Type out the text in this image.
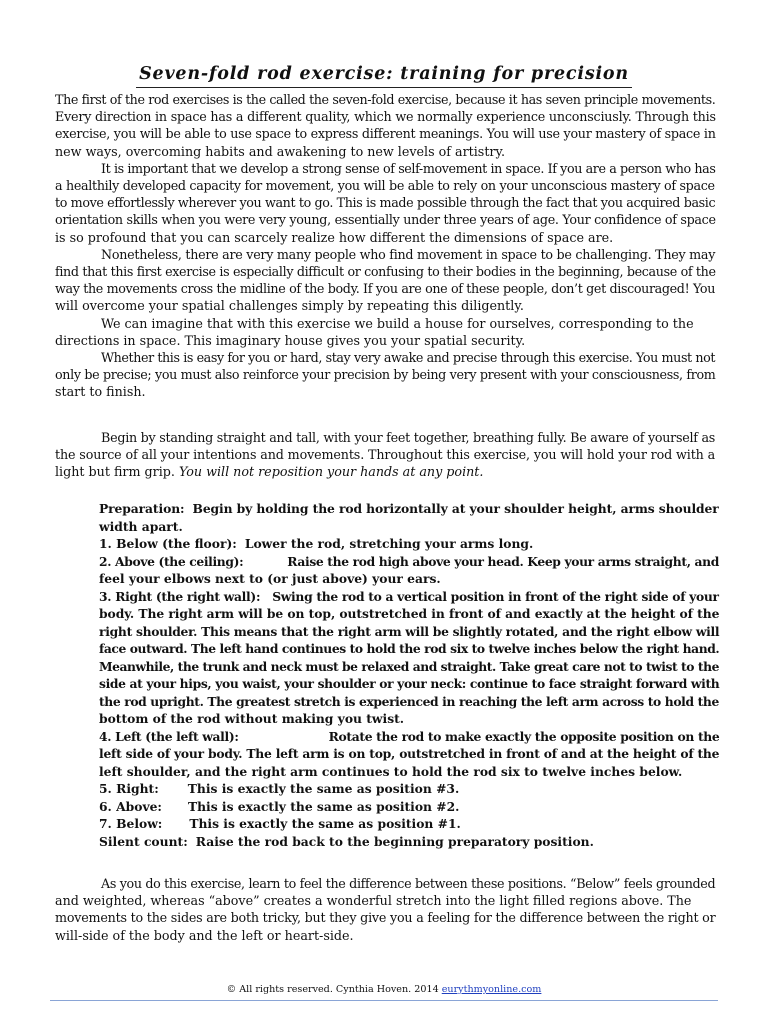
Seven-fold rod exercise: training for precision

The first of the rod exercises is the called the seven-fold exercise, because it has seven principle movements.

Every direction in space has a different quality, which we normally experience unconsciusly. Through this

exercise, you will be able to use space to express different meanings. You will use your mastery of space in

new ways, overcoming habits and awakening to new levels of artistry.

It is important that we develop a strong sense of self-movement in space. If you are a person who has

a healthily developed capacity for movement, you will be able to rely on your unconscious mastery of space

to move effortlessly wherever you want to go. This is made possible through the fact that you acquired basic

orientation skills when you were very young, essentially under three years of age. Your confidence of space

is so profound that you can scarcely realize how different the dimensions of space are.

Nonetheless, there are very many people who find movement in space to be challenging. They may

find that this first exercise is especially difficult or confusing to their bodies in the beginning, because of the

way the movements cross the midline of the body. If you are one of these people, don’t get discouraged! You

will overcome your spatial challenges simply by repeating this diligently.

We can imagine that with this exercise we build a house for ourselves, corresponding to the

directions in space. This imaginary house gives you your spatial security.

Whether this is easy for you or hard, stay very awake and precise through this exercise. You must not

only be precise; you must also reinforce your precision by being very present with your consciousness, from

start to finish.

Begin by standing straight and tall, with your feet together, breathing fully. Be aware of yourself as

the source of all your intentions and movements. Throughout this exercise, you will hold your rod with a

light but firm grip. You will not reposition your hands at any point.

Preparation: Begin by holding the rod horizontally at your shoulder height, arms shoulder

width apart.

1. Below (the floor): Lower the rod, stretching your arms long.

2. Above (the ceiling):	Raise the rod high above your head. Keep your arms straight, and

feel your elbows next to (or just above) your ears.

3. Right (the right wall): Swing the rod to a vertical position in front of the right side of your

body. The right arm will be on top, outstretched in front of and exactly at the height of the

right shoulder. This means that the right arm will be slightly rotated, and the right elbow will

face outward. The left hand continues to hold the rod six to twelve inches below the right hand.

Meanwhile, the trunk and neck must be relaxed and straight. Take great care not to twist to the

side at your hips, you waist, your shoulder or your neck: continue to face straight forward with

the rod upright. The greatest stretch is experienced in reaching the left arm across to hold the

bottom of the rod without making you twist.

4. Left (the left wall):	Rotate the rod to make exactly the opposite position on the

left side of your body. The left arm is on top, outstretched in front of and at the height of the

left shoulder, and the right arm continues to hold the rod six to twelve inches below.

5. Right: This is exactly the same as position #3.

6. Above: This is exactly the same as position #2.

7. Below: This is exactly the same as position #1.

Silent count: Raise the rod back to the beginning preparatory position.

As you do this exercise, learn to feel the difference between these positions. “Below” feels grounded

and weighted, whereas “above” creates a wonderful stretch into the light filled regions above. The

movements to the sides are both tricky, but they give you a feeling for the difference between the right or

will-side of the body and the left or heart-side.

© All rights reserved. Cynthia Hoven. 2014 eurythmyonline.com
